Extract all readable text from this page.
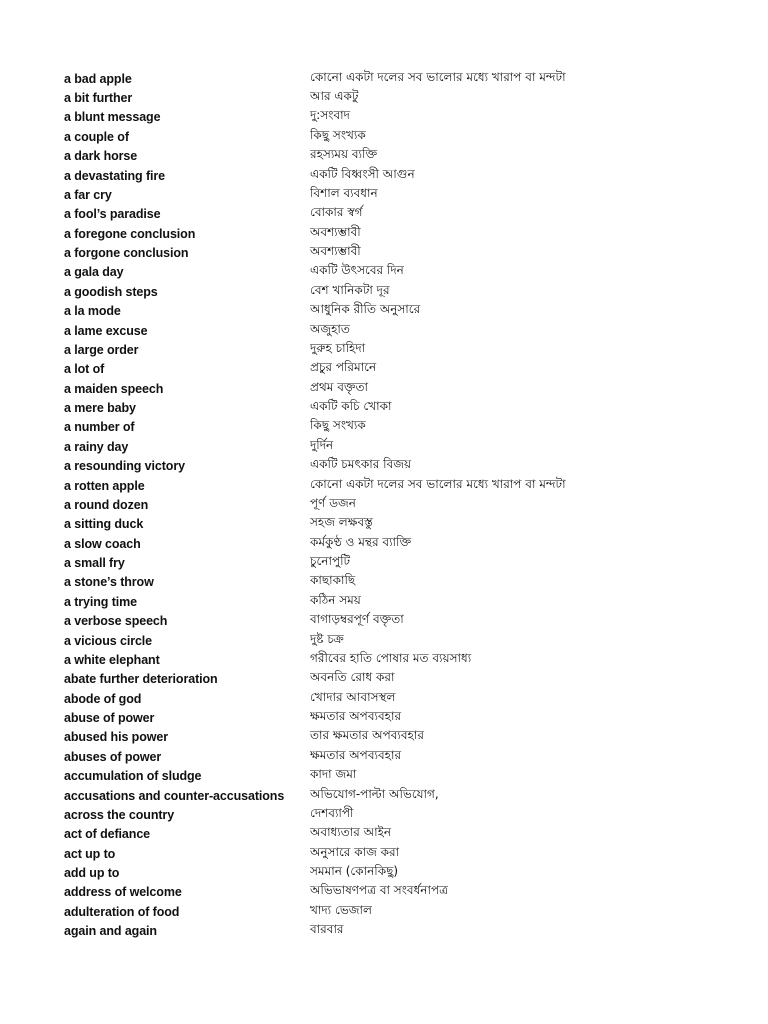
a bad apple	কোনো একটা দলের সব ভালোর মধ্যে খারাপ বা মন্দটা
a bit further	আর একটু
a blunt message	দু:সংবাদ
a couple of	কিছু সংখ্যক
a dark horse	রহস্যময় ব্যক্তি
a devastating fire	একটি বিধ্বংসী আগুন
a far cry	বিশাল ব্যবধান
a fool’s paradise	বোকার স্বর্গ
a foregone conclusion	অবশ্যম্ভাবী
a forgone conclusion	অবশ্যম্ভাবী
a gala day	একটি উৎসবের দিন
a goodish steps	বেশ খানিকটা দূর
a la mode	আধুনিক রীতি অনুসারে
a lame excuse	অজুহাত
a large order	দুরুহ চাহিদা
a lot of	প্রচুর পরিমানে
a maiden speech	প্রথম বক্তৃতা
a mere baby	একটি কচি খোকা
a number of	কিছু সংখ্যক
a rainy day	দুর্দিন
a resounding victory	একটি চমৎকার বিজয়
a rotten apple	কোনো একটা দলের সব ভালোর মধ্যে খারাপ বা মন্দটা
a round dozen	পূর্ণ ডজন
a sitting duck	সহজ লক্ষবস্তু
a slow coach	কর্মকুণ্ঠ ও মন্থর ব্যাক্তি
a small fry	চুনোপুটি
a stone’s throw	কাছাকাছি
a trying time	কঠিন সময়
a verbose speech	বাগাড়ম্বরপূর্ণ বক্তৃতা
a vicious circle	দুষ্ট চক্র
a white elephant	গরীবের হাতি পোষার মত ব্যয়সাধ্য
abate further deterioration	অবনতি রোধ করা
abode of god	খোদার আবাসস্থল
abuse of power	ক্ষমতার অপব্যবহার
abused his power	তার ক্ষমতার অপব্যবহার
abuses of power	ক্ষমতার অপব্যবহার
accumulation of sludge	কাদা জমা
accusations and counter-accusations	অভিযোগ-পাল্টা অভিযোগ,
across the country	দেশব্যাপী
act of defiance	অবাধ্যতার আইন
act up to	অনুসারে কাজ করা
add up to	সমমান (কোনকিছু)
address of welcome	অভিভাষণপত্র বা সংবর্ধনাপত্র
adulteration of food	খাদ্য ভেজাল
again and again	বারবার
